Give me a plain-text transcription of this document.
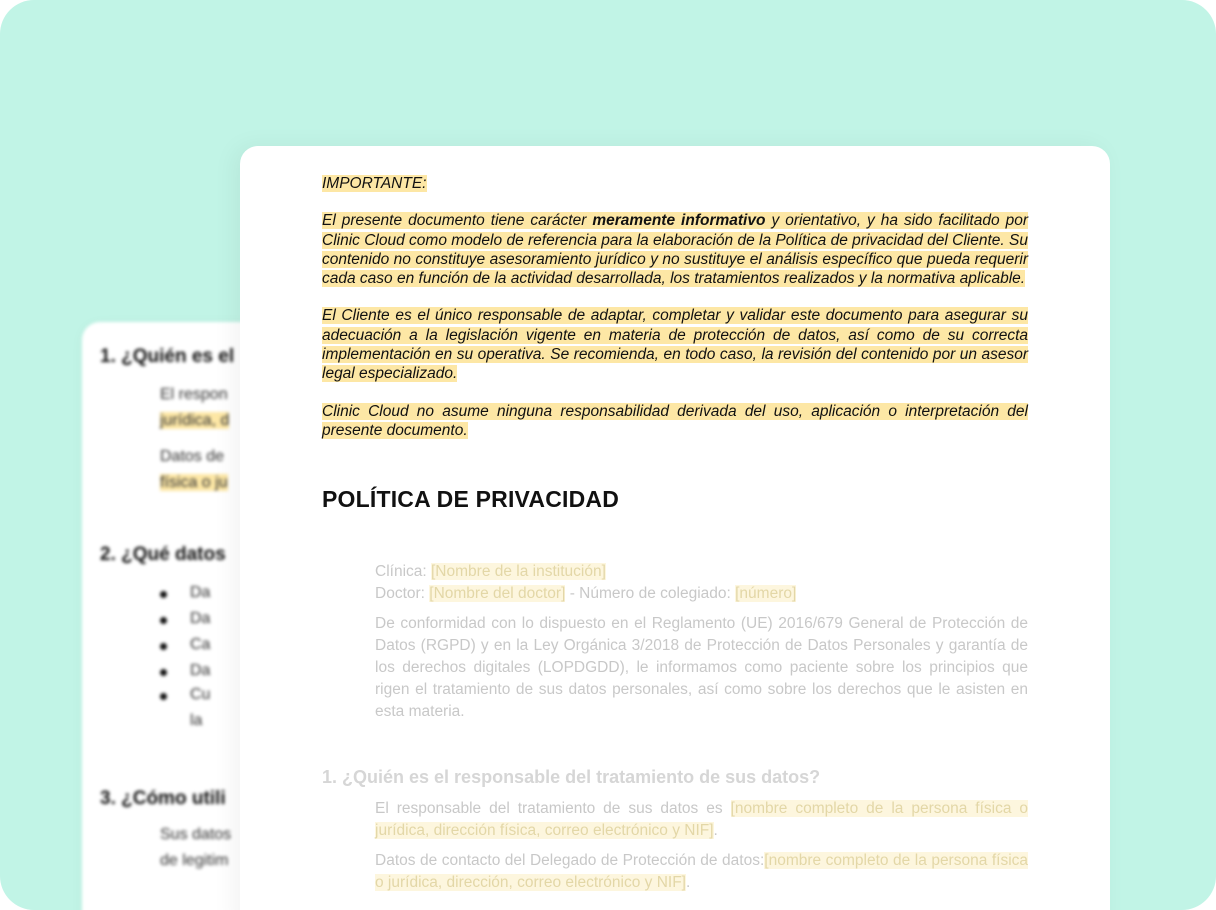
1. ¿Quién es el
El respon
jurídica, d
Datos de
física o ju
2. ¿Qué datos
Da
Da
Ca
Da
Cu
la
3. ¿Cómo utili
Sus datos
de legitim

IMPORTANTE:

El presente documento tiene carácter meramente informativo y orientativo, y ha sido facilitado por Clinic Cloud como modelo de referencia para la elaboración de la Política de privacidad del Cliente. Su contenido no constituye asesoramiento jurídico y no sustituye el análisis específico que pueda requerir cada caso en función de la actividad desarrollada, los tratamientos realizados y la normativa aplicable.

El Cliente es el único responsable de adaptar, completar y validar este documento para asegurar su adecuación a la legislación vigente en materia de protección de datos, así como de su correcta implementación en su operativa. Se recomienda, en todo caso, la revisión del contenido por un asesor legal especializado.

Clinic Cloud no asume ninguna responsabilidad derivada del uso, aplicación o interpretación del presente documento.

POLÍTICA DE PRIVACIDAD
Clínica: [Nombre de la institución]
Doctor: [Nombre del doctor] - Número de colegiado: [número]

De conformidad con lo dispuesto en el Reglamento (UE) 2016/679 General de Protección de Datos (RGPD) y en la Ley Orgánica 3/2018 de Protección de Datos Personales y garantía de los derechos digitales (LOPDGDD), le informamos como paciente sobre los principios que rigen el tratamiento de sus datos personales, así como sobre los derechos que le asisten en esta materia.

1. ¿Quién es el responsable del tratamiento de sus datos?

El responsable del tratamiento de sus datos es [nombre completo de la persona física o jurídica, dirección física, correo electrónico y NIF].

Datos de contacto del Delegado de Protección de datos:[nombre completo de la persona física o jurídica, dirección, correo electrónico y NIF].
